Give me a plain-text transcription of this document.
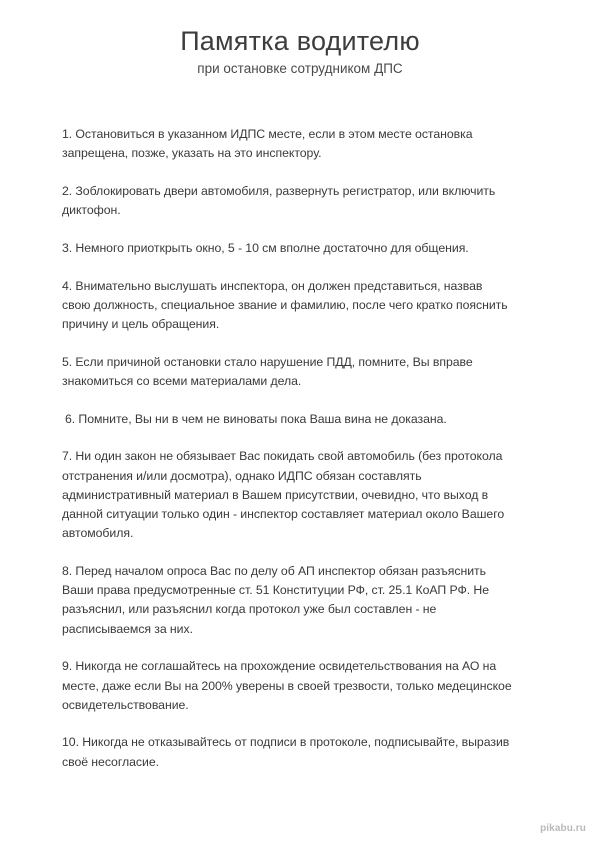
Памятка водителю
при остановке сотрудником ДПС

1. Остановиться в указанном ИДПС месте, если в этом месте остановка запрещена, позже, указать на это инспектору.

2. Зоблокировать двери автомобиля, развернуть регистратор, или включить диктофон.

3. Немного приоткрыть окно, 5 - 10 см вполне достаточно для общения.

4. Внимательно выслушать инспектора, он должен представиться, назвав свою должность, специальное звание и фамилию, после чего кратко пояснить причину и цель обращения.

5. Если причиной остановки стало нарушение ПДД, помните, Вы вправе знакомиться со всеми материалами дела.

6. Помните, Вы ни в чем не виноваты пока Ваша вина не доказана.

7. Ни один закон не обязывает Вас покидать свой автомобиль (без протокола отстранения и/или досмотра), однако ИДПС обязан составлять административный материал в Вашем присутствии, очевидно, что выход в данной ситуации только один - инспектор составляет материал около Вашего автомобиля.

8. Перед началом опроса Вас по делу об АП инспектор обязан разъяснить Ваши права предусмотренные ст. 51 Конституции РФ, ст. 25.1 КоАП РФ. Не разъяснил, или разъяснил когда протокол уже был составлен - не расписываемся за них.

9. Никогда не соглашайтесь на прохождение освидетельствования на АО на месте, даже если Вы на 200% уверены в своей трезвости, только медецинское освидетельствование.

10. Никогда не отказывайтесь от подписи в протоколе, подписывайте, выразив своё несогласие.

pikabu.ru
